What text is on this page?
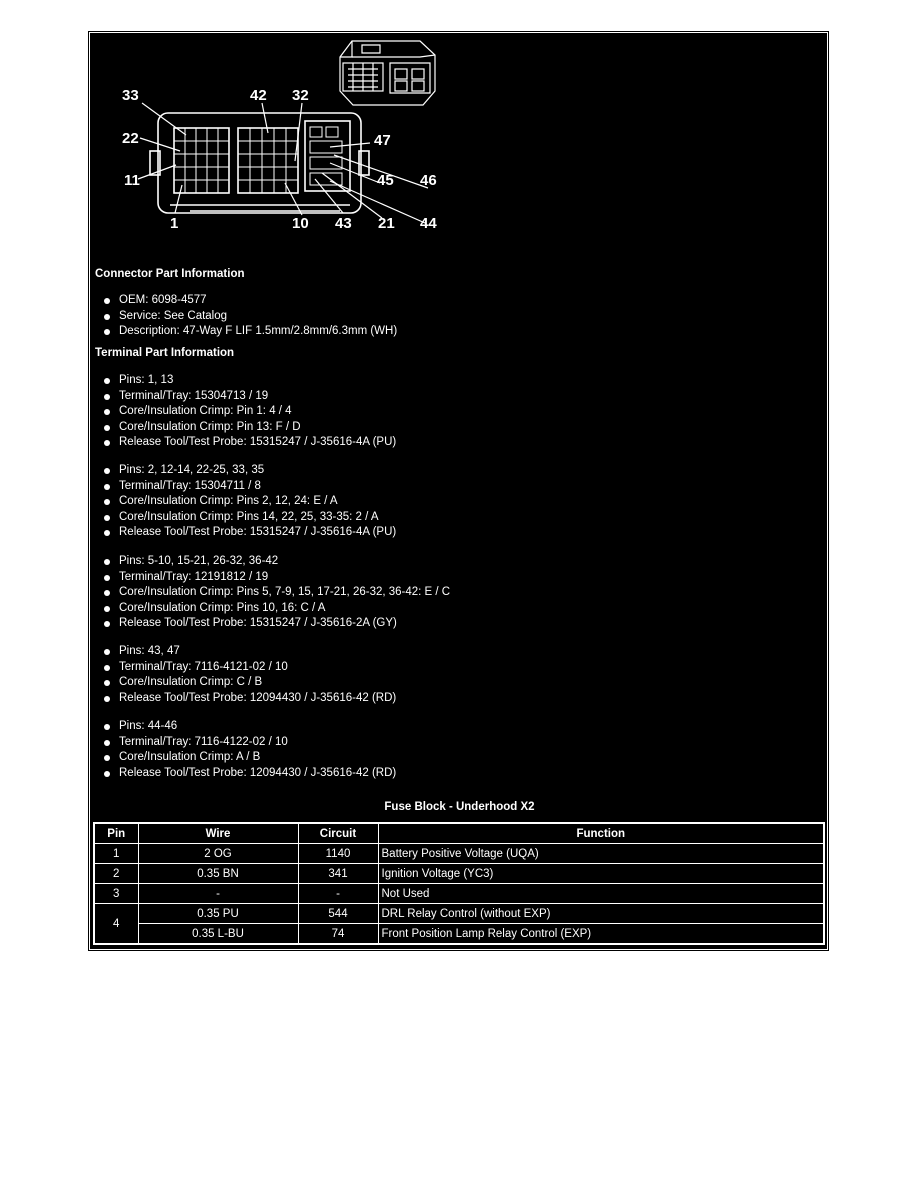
33	42 32
22
11
47
45 46
1	10 43 21 44
Connector Part Information
OEM: 6098-4577
Service: See Catalog
Description: 47-Way F LIF 1.5mm/2.8mm/6.3mm (WH)
Terminal Part Information
Pins: 1, 13
Terminal/Tray: 15304713 / 19
Core/Insulation Crimp: Pin 1: 4 / 4
Core/Insulation Crimp: Pin 13: F / D
Release Tool/Test Probe: 15315247 / J-35616-4A (PU)
Pins: 2, 12-14, 22-25, 33, 35
Terminal/Tray: 15304711 / 8
Core/Insulation Crimp: Pins 2, 12, 24: E / A
Core/Insulation Crimp: Pins 14, 22, 25, 33-35: 2 / A
Release Tool/Test Probe: 15315247 / J-35616-4A (PU)
Pins: 5-10, 15-21, 26-32, 36-42
Terminal/Tray: 12191812 / 19
Core/Insulation Crimp: Pins 5, 7-9, 15, 17-21, 26-32, 36-42: E / C
Core/Insulation Crimp: Pins 10, 16: C / A
Release Tool/Test Probe: 15315247 / J-35616-2A (GY)
Pins: 43, 47
Terminal/Tray: 7116-4121-02 / 10
Core/Insulation Crimp: C / B
Release Tool/Test Probe: 12094430 / J-35616-42 (RD)
Pins: 44-46
Terminal/Tray: 7116-4122-02 / 10
Core/Insulation Crimp: A / B
Release Tool/Test Probe: 12094430 / J-35616-42 (RD)
Fuse Block - Underhood X2
Pin	Wire	Circuit	Function
1	2 OG	1140	Battery Positive Voltage (UQA)
2	0.35 BN	341	Ignition Voltage (YC3)
3	-	-	Not Used
4	0.35 PU	544	DRL Relay Control (without EXP)
	0.35 L-BU	74	Front Position Lamp Relay Control (EXP)
